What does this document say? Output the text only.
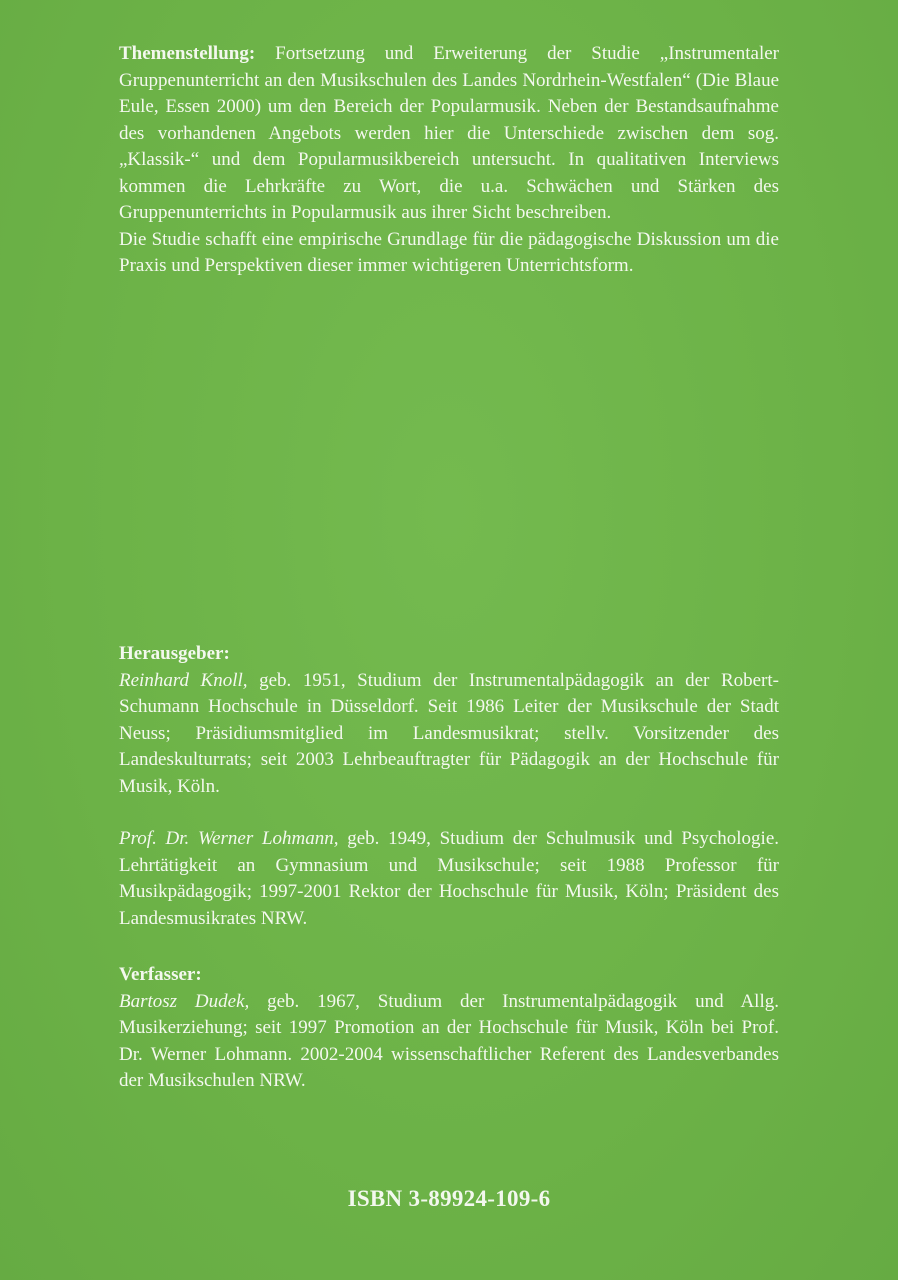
Themenstellung: Fortsetzung und Erweiterung der Studie „Instrumentaler Gruppenunterricht an den Musikschulen des Landes Nordrhein-Westfalen“ (Die Blaue Eule, Essen 2000) um den Bereich der Popularmusik. Neben der Bestandsaufnahme des vorhandenen Angebots werden hier die Unterschiede zwischen dem sog. „Klassik-“ und dem Popularmusikbereich untersucht. In qualitativen Interviews kommen die Lehrkräfte zu Wort, die u.a. Schwächen und Stärken des Gruppenunterrichts in Popularmusik aus ihrer Sicht beschreiben.

Die Studie schafft eine empirische Grundlage für die pädagogische Diskussion um die Praxis und Perspektiven dieser immer wichtigeren Unterrichtsform.

Herausgeber:

Reinhard Knoll, geb. 1951, Studium der Instrumentalpädagogik an der Robert-Schumann Hochschule in Düsseldorf. Seit 1986 Leiter der Musikschule der Stadt Neuss; Präsidiumsmitglied im Landesmusikrat; stellv. Vorsitzender des Landeskulturrats; seit 2003 Lehrbeauftragter für Pädagogik an der Hochschule für Musik, Köln.

Prof. Dr. Werner Lohmann, geb. 1949, Studium der Schulmusik und Psychologie. Lehrtätigkeit an Gymnasium und Musikschule; seit 1988 Professor für Musikpädagogik; 1997-2001 Rektor der Hochschule für Musik, Köln; Präsident des Landesmusikrates NRW.

Verfasser:

Bartosz Dudek, geb. 1967, Studium der Instrumentalpädagogik und Allg. Musikerziehung; seit 1997 Promotion an der Hochschule für Musik, Köln bei Prof. Dr. Werner Lohmann. 2002-2004 wissenschaftlicher Referent des Landesverbandes der Musikschulen NRW.

ISBN 3-89924-109-6
